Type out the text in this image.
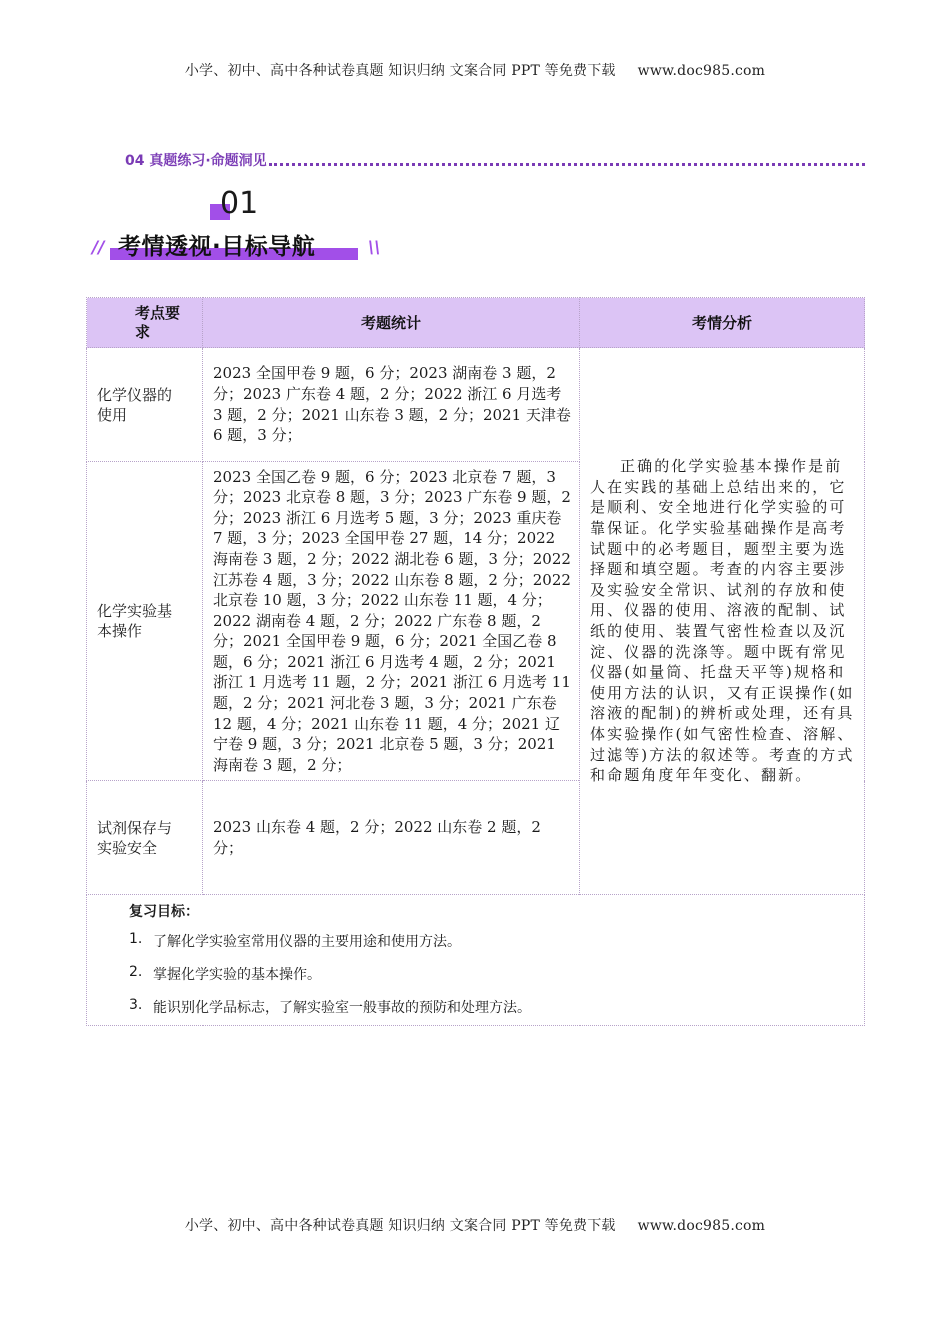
小学、初中、高中各种试卷真题 知识归纳 文案合同 PPT 等免费下载 www.doc985.com
04 真题练习·命题洞见
01
// 考情透视·目标导航	\\
考点要求	考题统计	考情分析
化学仪器的使用	2023 全国甲卷 9 题，6 分；2023 湖南卷 3 题，2 分；2023 广东卷 4 题，2 分；2022 浙江 6 月选考 3 题，2 分；2021 山东卷 3 题，2 分；2021 天津卷 6 题，3 分；	正确的化学实验基本操作是前人在实践的基础上总结出来的，它是顺利、安全地进行化学实验的可靠保证。化学实验基础操作是高考试题中的必考题目，题型主要为选择题和填空题。考查的内容主要涉及实验安全常识、试剂的存放和使用、仪器的使用、溶液的配制、试纸的使用、装置气密性检查以及沉淀、仪器的洗涤等。题中既有常见仪器(如量筒、托盘天平等)规格和使用方法的认识，又有正误操作(如溶液的配制)的辨析或处理，还有具体实验操作(如气密性检查、溶解、过滤等)方法的叙述等。考查的方式和命题角度年年变化、翻新。
化学实验基本操作	2023 全国乙卷 9 题，6 分；2023 北京卷 7 题，3 分；2023 北京卷 8 题，3 分；2023 广东卷 9 题，2 分；2023 浙江 6 月选考 5 题，3 分；2023 重庆卷 7 题，3 分；2023 全国甲卷 27 题，14 分；2022 海南卷 3 题，2 分；2022 湖北卷 6 题，3 分；2022 江苏卷 4 题，3 分；2022 山东卷 8 题，2 分；2022 北京卷 10 题，3 分；2022 山东卷 11 题，4 分；2022 湖南卷 4 题，2 分；2022 广东卷 8 题，2 分；2021 全国甲卷 9 题，6 分；2021 全国乙卷 8 题，6 分；2021 浙江 6 月选考 4 题，2 分；2021 浙江 1 月选考 11 题，2 分；2021 浙江 6 月选考 11 题，2 分；2021 河北卷 3 题，3 分；2021 广东卷 12 题，4 分；2021 山东卷 11 题，4 分；2021 辽宁卷 9 题，3 分；2021 北京卷 5 题，3 分；2021 海南卷 3 题，2 分；	
试剂保存与实验安全	2023 山东卷 4 题，2 分；2022 山东卷 2 题，2 分；	

复习目标：
1. 了解化学实验室常用仪器的主要用途和使用方法。
2. 掌握化学实验的基本操作。
3. 能识别化学品标志，了解实验室一般事故的预防和处理方法。
小学、初中、高中各种试卷真题 知识归纳 文案合同 PPT 等免费下载 www.doc985.com
